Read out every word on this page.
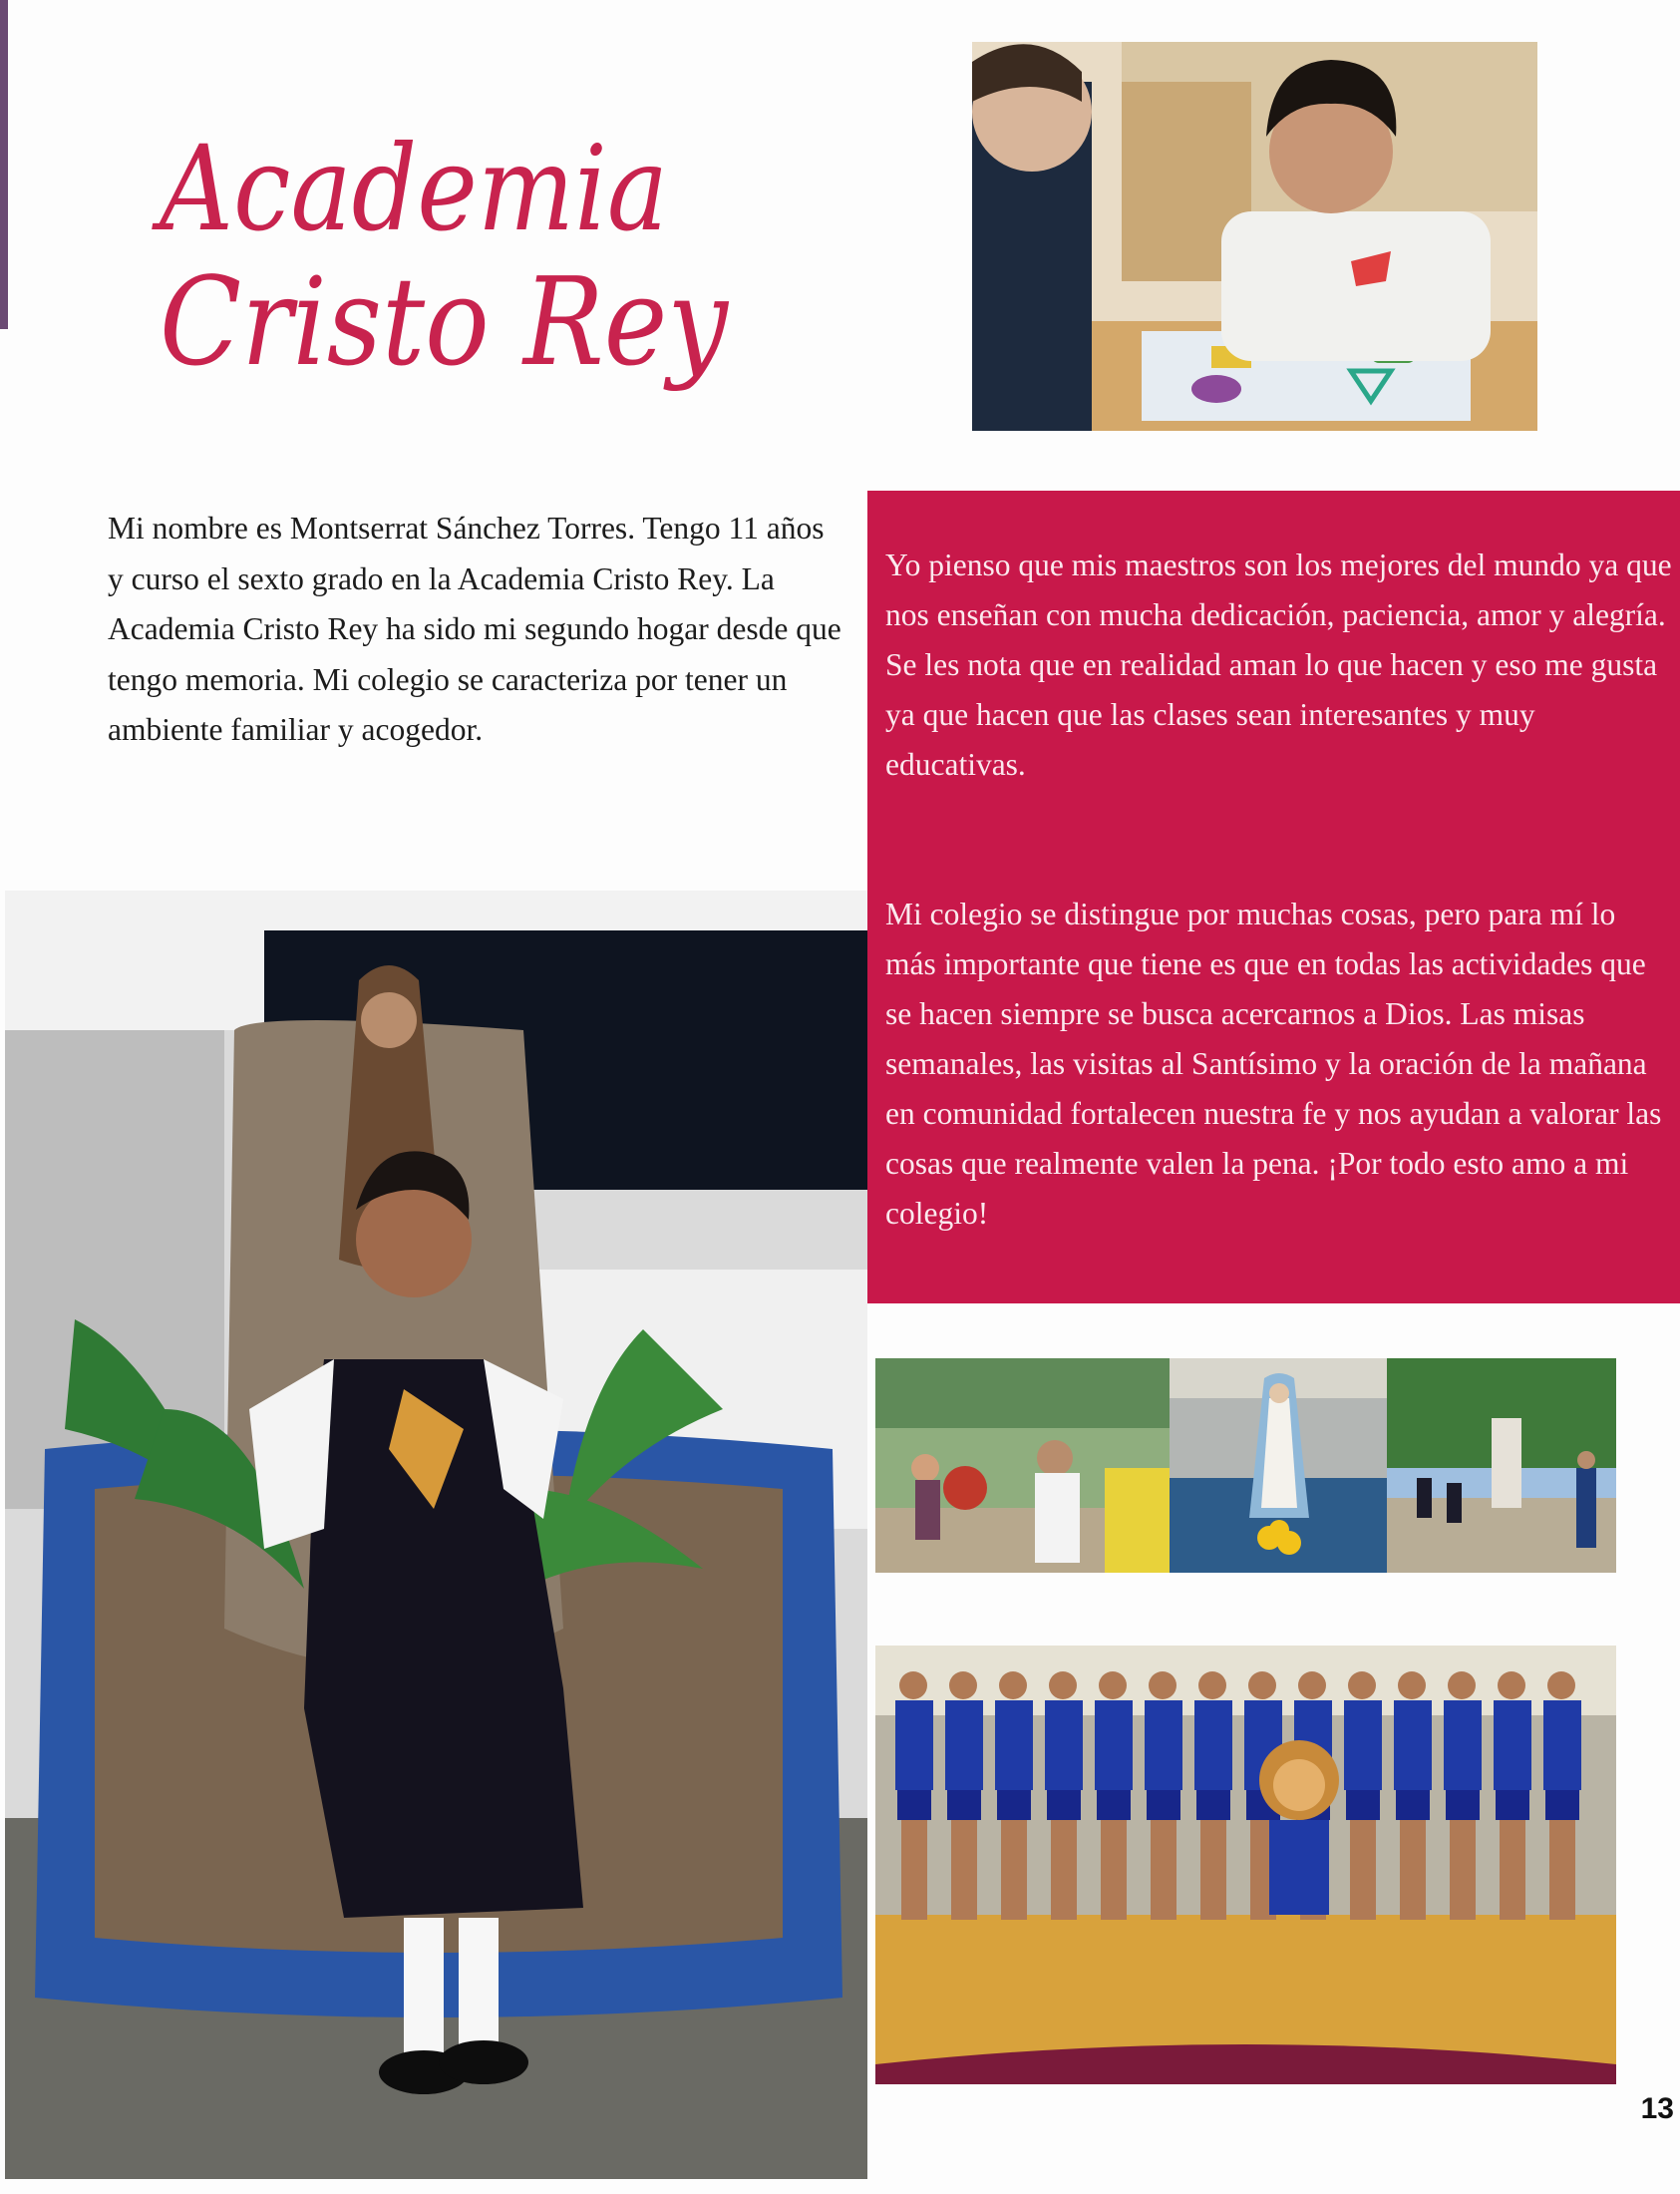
Academia
Cristo Rey

Mi nombre es Montserrat Sánchez Torres. Tengo 11 años y curso el sexto grado en la Academia Cristo Rey. La Academia Cristo Rey ha sido mi segundo hogar desde que tengo memoria. Mi colegio se caracteriza por tener un ambiente familiar y acogedor.

Yo pienso que mis maestros son los mejores del mundo ya que nos enseñan con mucha dedicación, paciencia, amor y alegría. Se les nota que en realidad aman lo que hacen y eso me gusta ya que hacen que las clases sean interesantes y muy educativas.

Mi colegio se distingue por muchas cosas, pero para mí lo más importante que tiene es que en todas las actividades que se hacen siempre se busca acercarnos a Dios. Las misas semanales, las visitas al Santísimo y la oración de la mañana en comunidad fortalecen nuestra fe y nos ayudan a valorar las cosas que realmente valen la pena. ¡Por todo esto amo a mi colegio!

13
